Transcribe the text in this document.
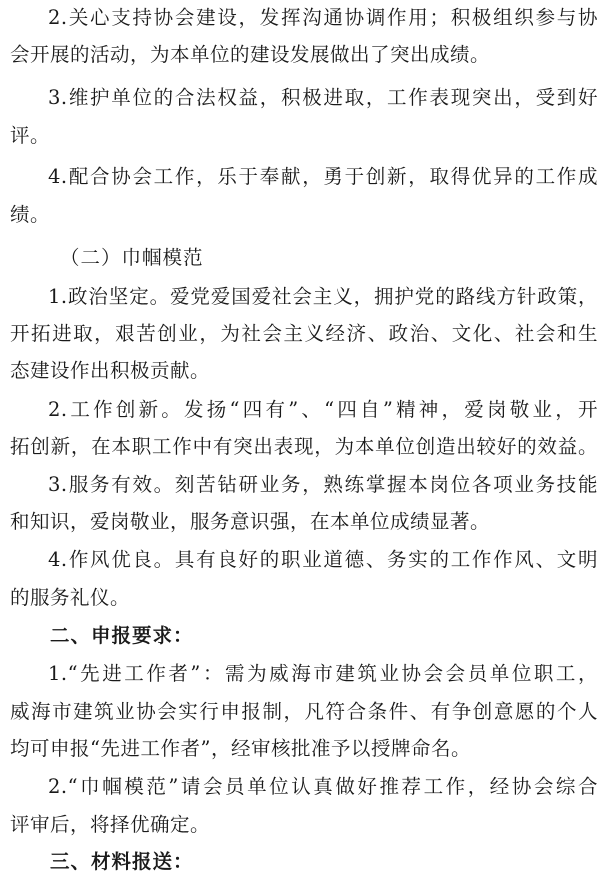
2.关心支持协会建设，发挥沟通协调作用；积极组织参与协
会开展的活动，为本单位的建设发展做出了突出成绩。
3.维护单位的合法权益，积极进取，工作表现突出，受到好
评。
4.配合协会工作，乐于奉献，勇于创新，取得优异的工作成
绩。
（二）巾帼模范
1.政治坚定。爱党爱国爱社会主义，拥护党的路线方针政策，
开拓进取，艰苦创业，为社会主义经济、政治、文化、社会和生
态建设作出积极贡献。
2.工作创新。发扬“四有”、“四自”精神，爱岗敬业，开
拓创新，在本职工作中有突出表现，为本单位创造出较好的效益。
3.服务有效。刻苦钻研业务，熟练掌握本岗位各项业务技能
和知识，爱岗敬业，服务意识强，在本单位成绩显著。
4.作风优良。具有良好的职业道德、务实的工作作风、文明
的服务礼仪。
二、申报要求：
1.“先进工作者”：需为威海市建筑业协会会员单位职工，
威海市建筑业协会实行申报制，凡符合条件、有争创意愿的个人
均可申报“先进工作者”，经审核批准予以授牌命名。
2.“巾帼模范”请会员单位认真做好推荐工作，经协会综合
评审后，将择优确定。
三、材料报送：
